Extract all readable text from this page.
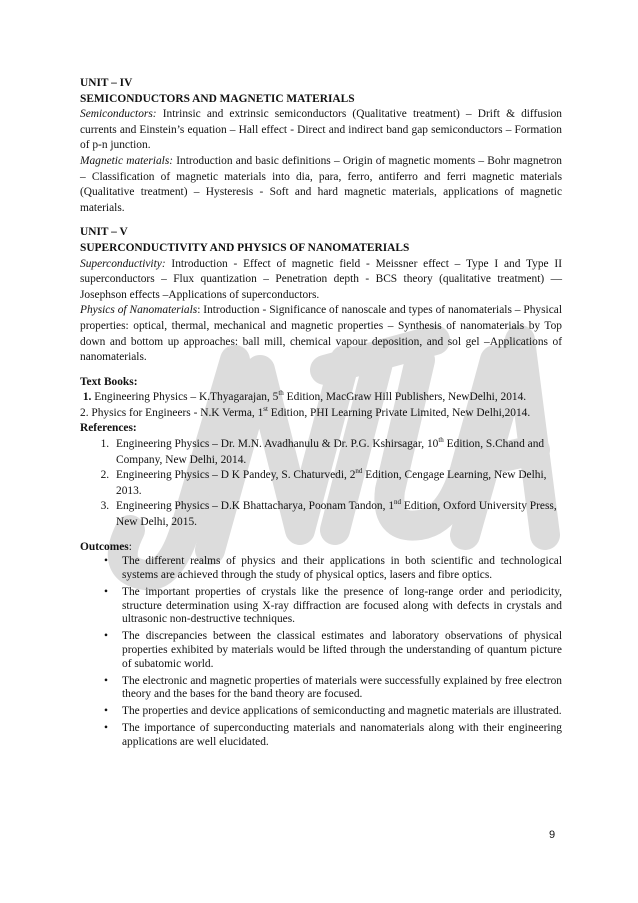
UNIT – IV
SEMICONDUCTORS AND MAGNETIC MATERIALS

Semiconductors: Intrinsic and extrinsic semiconductors (Qualitative treatment) – Drift & diffusion currents and Einstein’s equation – Hall effect - Direct and indirect band gap semiconductors – Formation of p-n junction.

Magnetic materials: Introduction and basic definitions – Origin of magnetic moments – Bohr magnetron – Classification of magnetic materials into dia, para, ferro, antiferro and ferri magnetic materials (Qualitative treatment) – Hysteresis - Soft and hard magnetic materials, applications of magnetic materials.

UNIT – V
SUPERCONDUCTIVITY AND PHYSICS OF NANOMATERIALS

Superconductivity: Introduction - Effect of magnetic field - Meissner effect – Type I and Type II superconductors – Flux quantization – Penetration depth - BCS theory (qualitative treatment) — Josephson effects –Applications of superconductors.

Physics of Nanomaterials: Introduction - Significance of nanoscale and types of nanomaterials – Physical properties: optical, thermal, mechanical and magnetic properties – Synthesis of nanomaterials by Top down and bottom up approaches: ball mill, chemical vapour deposition, and sol gel –Applications of nanomaterials.

Text Books:

1. Engineering Physics – K.Thyagarajan, 5th Edition, MacGraw Hill Publishers, NewDelhi, 2014.

2. Physics for Engineers - N.K Verma, 1st Edition, PHI Learning Private Limited, New Delhi,2014.

References:
1. Engineering Physics – Dr. M.N. Avadhanulu & Dr. P.G. Kshirsagar, 10th Edition, S.Chand and Company, New Delhi, 2014.
2. Engineering Physics – D K Pandey, S. Chaturvedi, 2nd Edition, Cengage Learning, New Delhi, 2013.
3. Engineering Physics – D.K Bhattacharya, Poonam Tandon, 1nd Edition, Oxford University Press, New Delhi, 2015.
Outcomes:
• The different realms of physics and their applications in both scientific and technological systems are achieved through the study of physical optics, lasers and fibre optics.
• The important properties of crystals like the presence of long-range order and periodicity, structure determination using X-ray diffraction are focused along with defects in crystals and ultrasonic non-destructive techniques.
• The discrepancies between the classical estimates and laboratory observations of physical properties exhibited by materials would be lifted through the understanding of quantum picture of subatomic world.
• The electronic and magnetic properties of materials were successfully explained by free electron theory and the bases for the band theory are focused.
• The properties and device applications of semiconducting and magnetic materials are illustrated.
• The importance of superconducting materials and nanomaterials along with their engineering applications are well elucidated.
9
